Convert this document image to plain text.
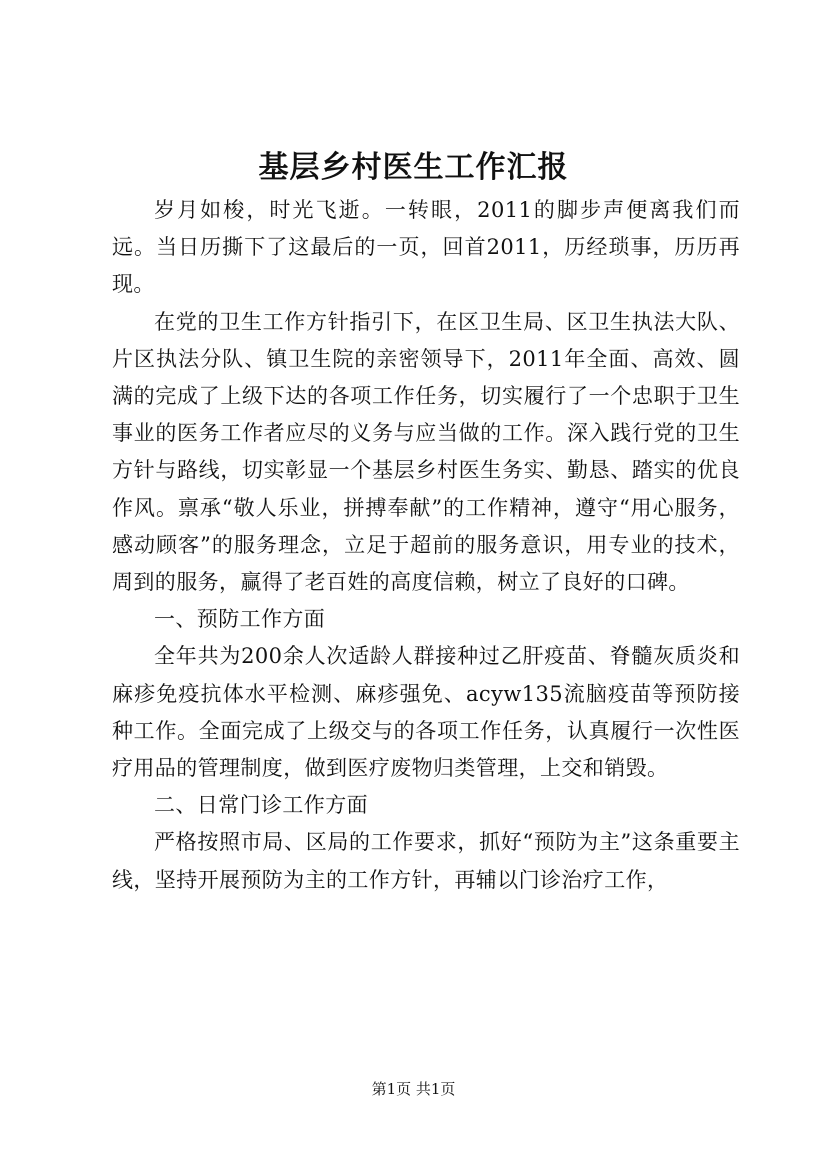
基层乡村医生工作汇报

岁月如梭，时光飞逝。一转眼，2011的脚步声便离我们而远。当日历撕下了这最后的一页，回首2011，历经琐事，历历再现。

在党的卫生工作方针指引下，在区卫生局、区卫生执法大队、片区执法分队、镇卫生院的亲密领导下，2011年全面、高效、圆满的完成了上级下达的各项工作任务，切实履行了一个忠职于卫生事业的医务工作者应尽的义务与应当做的工作。深入践行党的卫生方针与路线，切实彰显一个基层乡村医生务实、勤恳、踏实的优良作风。禀承“敬人乐业，拼搏奉献”的工作精神，遵守“用心服务，感动顾客”的服务理念，立足于超前的服务意识，用专业的技术，周到的服务，赢得了老百姓的高度信赖，树立了良好的口碑。

一、预防工作方面

全年共为200余人次适龄人群接种过乙肝疫苗、脊髓灰质炎和麻疹免疫抗体水平检测、麻疹强免、acyw135流脑疫苗等预防接种工作。全面完成了上级交与的各项工作任务，认真履行一次性医疗用品的管理制度，做到医疗废物归类管理，上交和销毁。

二、日常门诊工作方面

严格按照市局、区局的工作要求，抓好“预防为主”这条重要主线，坚持开展预防为主的工作方针，再辅以门诊治疗工作，

第1页 共1页
